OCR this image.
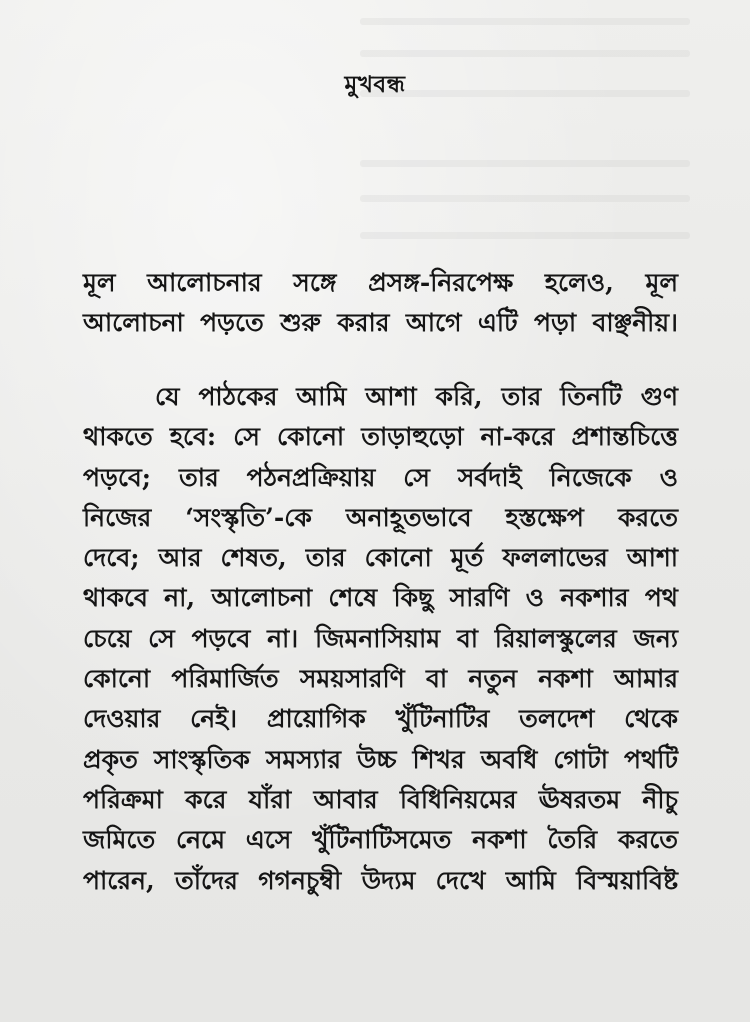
মুখবন্ধ
মূল আলোচনার সঙ্গে প্রসঙ্গ-নিরপেক্ষ হলেও, মূল
আলোচনা পড়তে শুরু করার আগে এটি পড়া বাঞ্ছনীয়।
যে পাঠকের আমি আশা করি, তার তিনটি গুণ
থাকতে হবে: সে কোনো তাড়াহুড়ো না-করে প্রশান্তচিত্তে
পড়বে; তার পঠনপ্রক্রিয়ায় সে সর্বদাই নিজেকে ও
নিজের ‘সংস্কৃতি’-কে অনাহূতভাবে হস্তক্ষেপ করতে
দেবে; আর শেষত, তার কোনো মূর্ত ফললাভের আশা
থাকবে না, আলোচনা শেষে কিছু সারণি ও নকশার পথ
চেয়ে সে পড়বে না। জিমনাসিয়াম বা রিয়ালস্কুলের জন্য
কোনো পরিমার্জিত সময়সারণি বা নতুন নকশা আমার
দেওয়ার নেই। প্রায়োগিক খুঁটিনাটির তলদেশ থেকে
প্রকৃত সাংস্কৃতিক সমস্যার উচ্চ শিখর অবধি গোটা পথটি
পরিক্রমা করে যাঁরা আবার বিধিনিয়মের ঊষরতম নীচু
জমিতে নেমে এসে খুঁটিনাটিসমেত নকশা তৈরি করতে
পারেন, তাঁদের গগনচুম্বী উদ্যম দেখে আমি বিস্ময়াবিষ্ট
